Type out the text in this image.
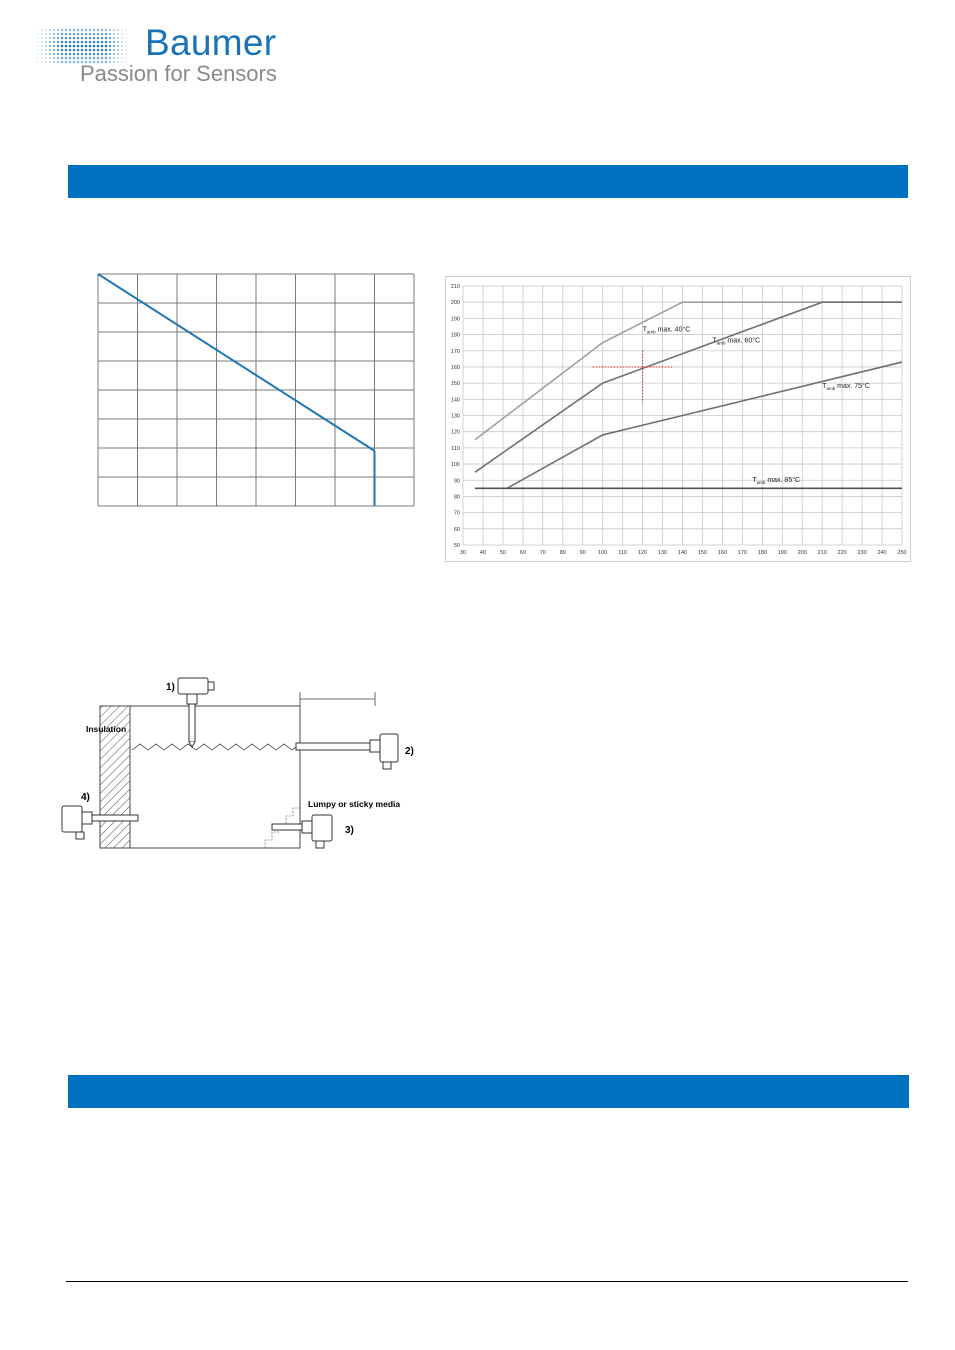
Baumer
Passion for Sensors
30	40	50	60	70	80	90 100 110 120 130 140 150 160 170 180 190 200 210 220 230 240 250
50
60
70
80
90
100
110
120
130
140
150
160
170
180
190
200
210
$T_{amb}$ max. 40°C
$T_{amb}$ max. 60°C
$T_{amb}$ max. 75°C
$T_{amb}$ max. 85°C
1)
2)
3)
4)
Insulation
Lumpy or sticky media
